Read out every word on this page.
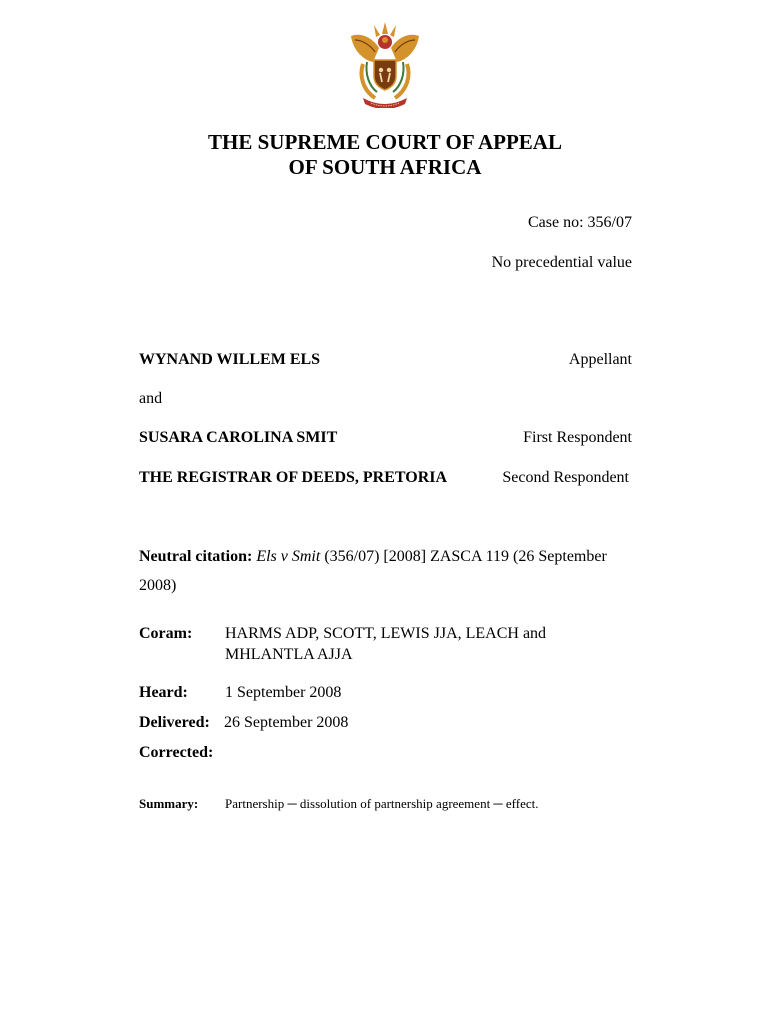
THE SUPREME COURT OF APPEAL
OF SOUTH AFRICA
Case no: 356/07
No precedential value
WYNAND WILLEM ELS	Appellant
and
SUSARA CAROLINA SMIT	First Respondent
THE REGISTRAR OF DEEDS, PRETORIA	Second Respondent
Neutral citation: Els v Smit (356/07) [2008] ZASCA 119 (26 September
2008)
Coram: HARMS ADP, SCOTT, LEWIS JJA, LEACH and
MHLANTLA AJJA
Heard: 1 September 2008
Delivered: 26 September 2008
Corrected:
Summary: Partnership ─ dissolution of partnership agreement ─ effect.
